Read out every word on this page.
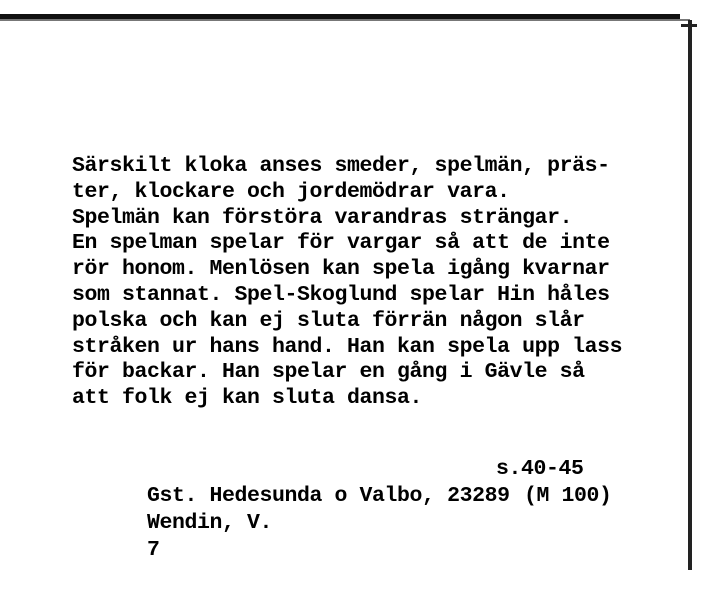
Särskilt kloka anses smeder, spelmän, präs-
ter, klockare och jordemödrar vara.
Spelmän kan förstöra varandras strängar.
En spelman spelar för vargar så att de inte
rör honom. Menlösen kan spela igång kvarnar
som stannat. Spel-Skoglund spelar Hin håles
polska och kan ej sluta förrän någon slår
stråken ur hans hand. Han kan spela upp lass
för backar. Han spelar en gång i Gävle så
att folk ej kan sluta dansa.

Gst. Hedesunda o Valbo, 23289

s.40-45

Wendin, V.

(M 100)

7
